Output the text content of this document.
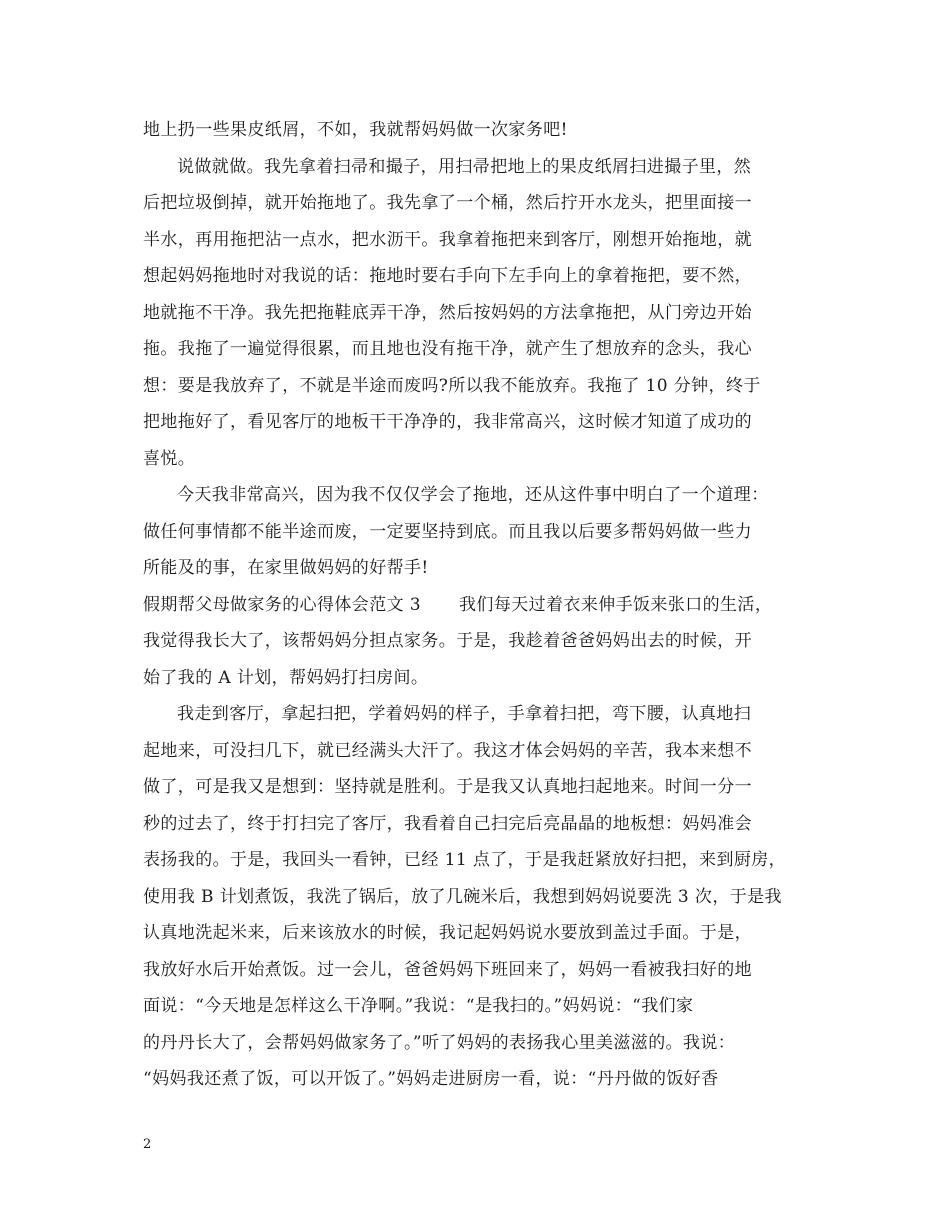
地上扔一些果皮纸屑，不如，我就帮妈妈做一次家务吧!
说做就做。我先拿着扫帚和撮子，用扫帚把地上的果皮纸屑扫进撮子里，然
后把垃圾倒掉，就开始拖地了。我先拿了一个桶，然后拧开水龙头，把里面接一
半水，再用拖把沾一点水，把水沥干。我拿着拖把来到客厅，刚想开始拖地，就
想起妈妈拖地时对我说的话：拖地时要右手向下左手向上的拿着拖把，要不然，
地就拖不干净。我先把拖鞋底弄干净，然后按妈妈的方法拿拖把，从门旁边开始
拖。我拖了一遍觉得很累，而且地也没有拖干净，就产生了想放弃的念头，我心
想：要是我放弃了，不就是半途而废吗?所以我不能放弃。我拖了 10 分钟，终于
把地拖好了，看见客厅的地板干干净净的，我非常高兴，这时候才知道了成功的
喜悦。
今天我非常高兴，因为我不仅仅学会了拖地，还从这件事中明白了一个道理：
做任何事情都不能半途而废，一定要坚持到底。而且我以后要多帮妈妈做一些力
所能及的事，在家里做妈妈的好帮手!
假期帮父母做家务的心得体会范文 3 我们每天过着衣来伸手饭来张口的生活，
我觉得我长大了，该帮妈妈分担点家务。于是，我趁着爸爸妈妈出去的时候，开
始了我的 A 计划，帮妈妈打扫房间。
我走到客厅，拿起扫把，学着妈妈的样子，手拿着扫把，弯下腰，认真地扫
起地来，可没扫几下，就已经满头大汗了。我这才体会妈妈的辛苦，我本来想不
做了，可是我又是想到：坚持就是胜利。于是我又认真地扫起地来。时间一分一
秒的过去了，终于打扫完了客厅，我看着自己扫完后亮晶晶的地板想：妈妈准会
表扬我的。于是，我回头一看钟，已经 11 点了，于是我赶紧放好扫把，来到厨房，
使用我 B 计划煮饭，我洗了锅后，放了几碗米后，我想到妈妈说要洗 3 次，于是我
认真地洗起米来，后来该放水的时候，我记起妈妈说水要放到盖过手面。于是，
我放好水后开始煮饭。过一会儿，爸爸妈妈下班回来了，妈妈一看被我扫好的地
面说：“今天地是怎样这么干净啊。”我说：“是我扫的。”妈妈说：“我们家
的丹丹长大了，会帮妈妈做家务了。”听了妈妈的表扬我心里美滋滋的。我说：
“妈妈我还煮了饭，可以开饭了。”妈妈走进厨房一看，说：“丹丹做的饭好香
2
